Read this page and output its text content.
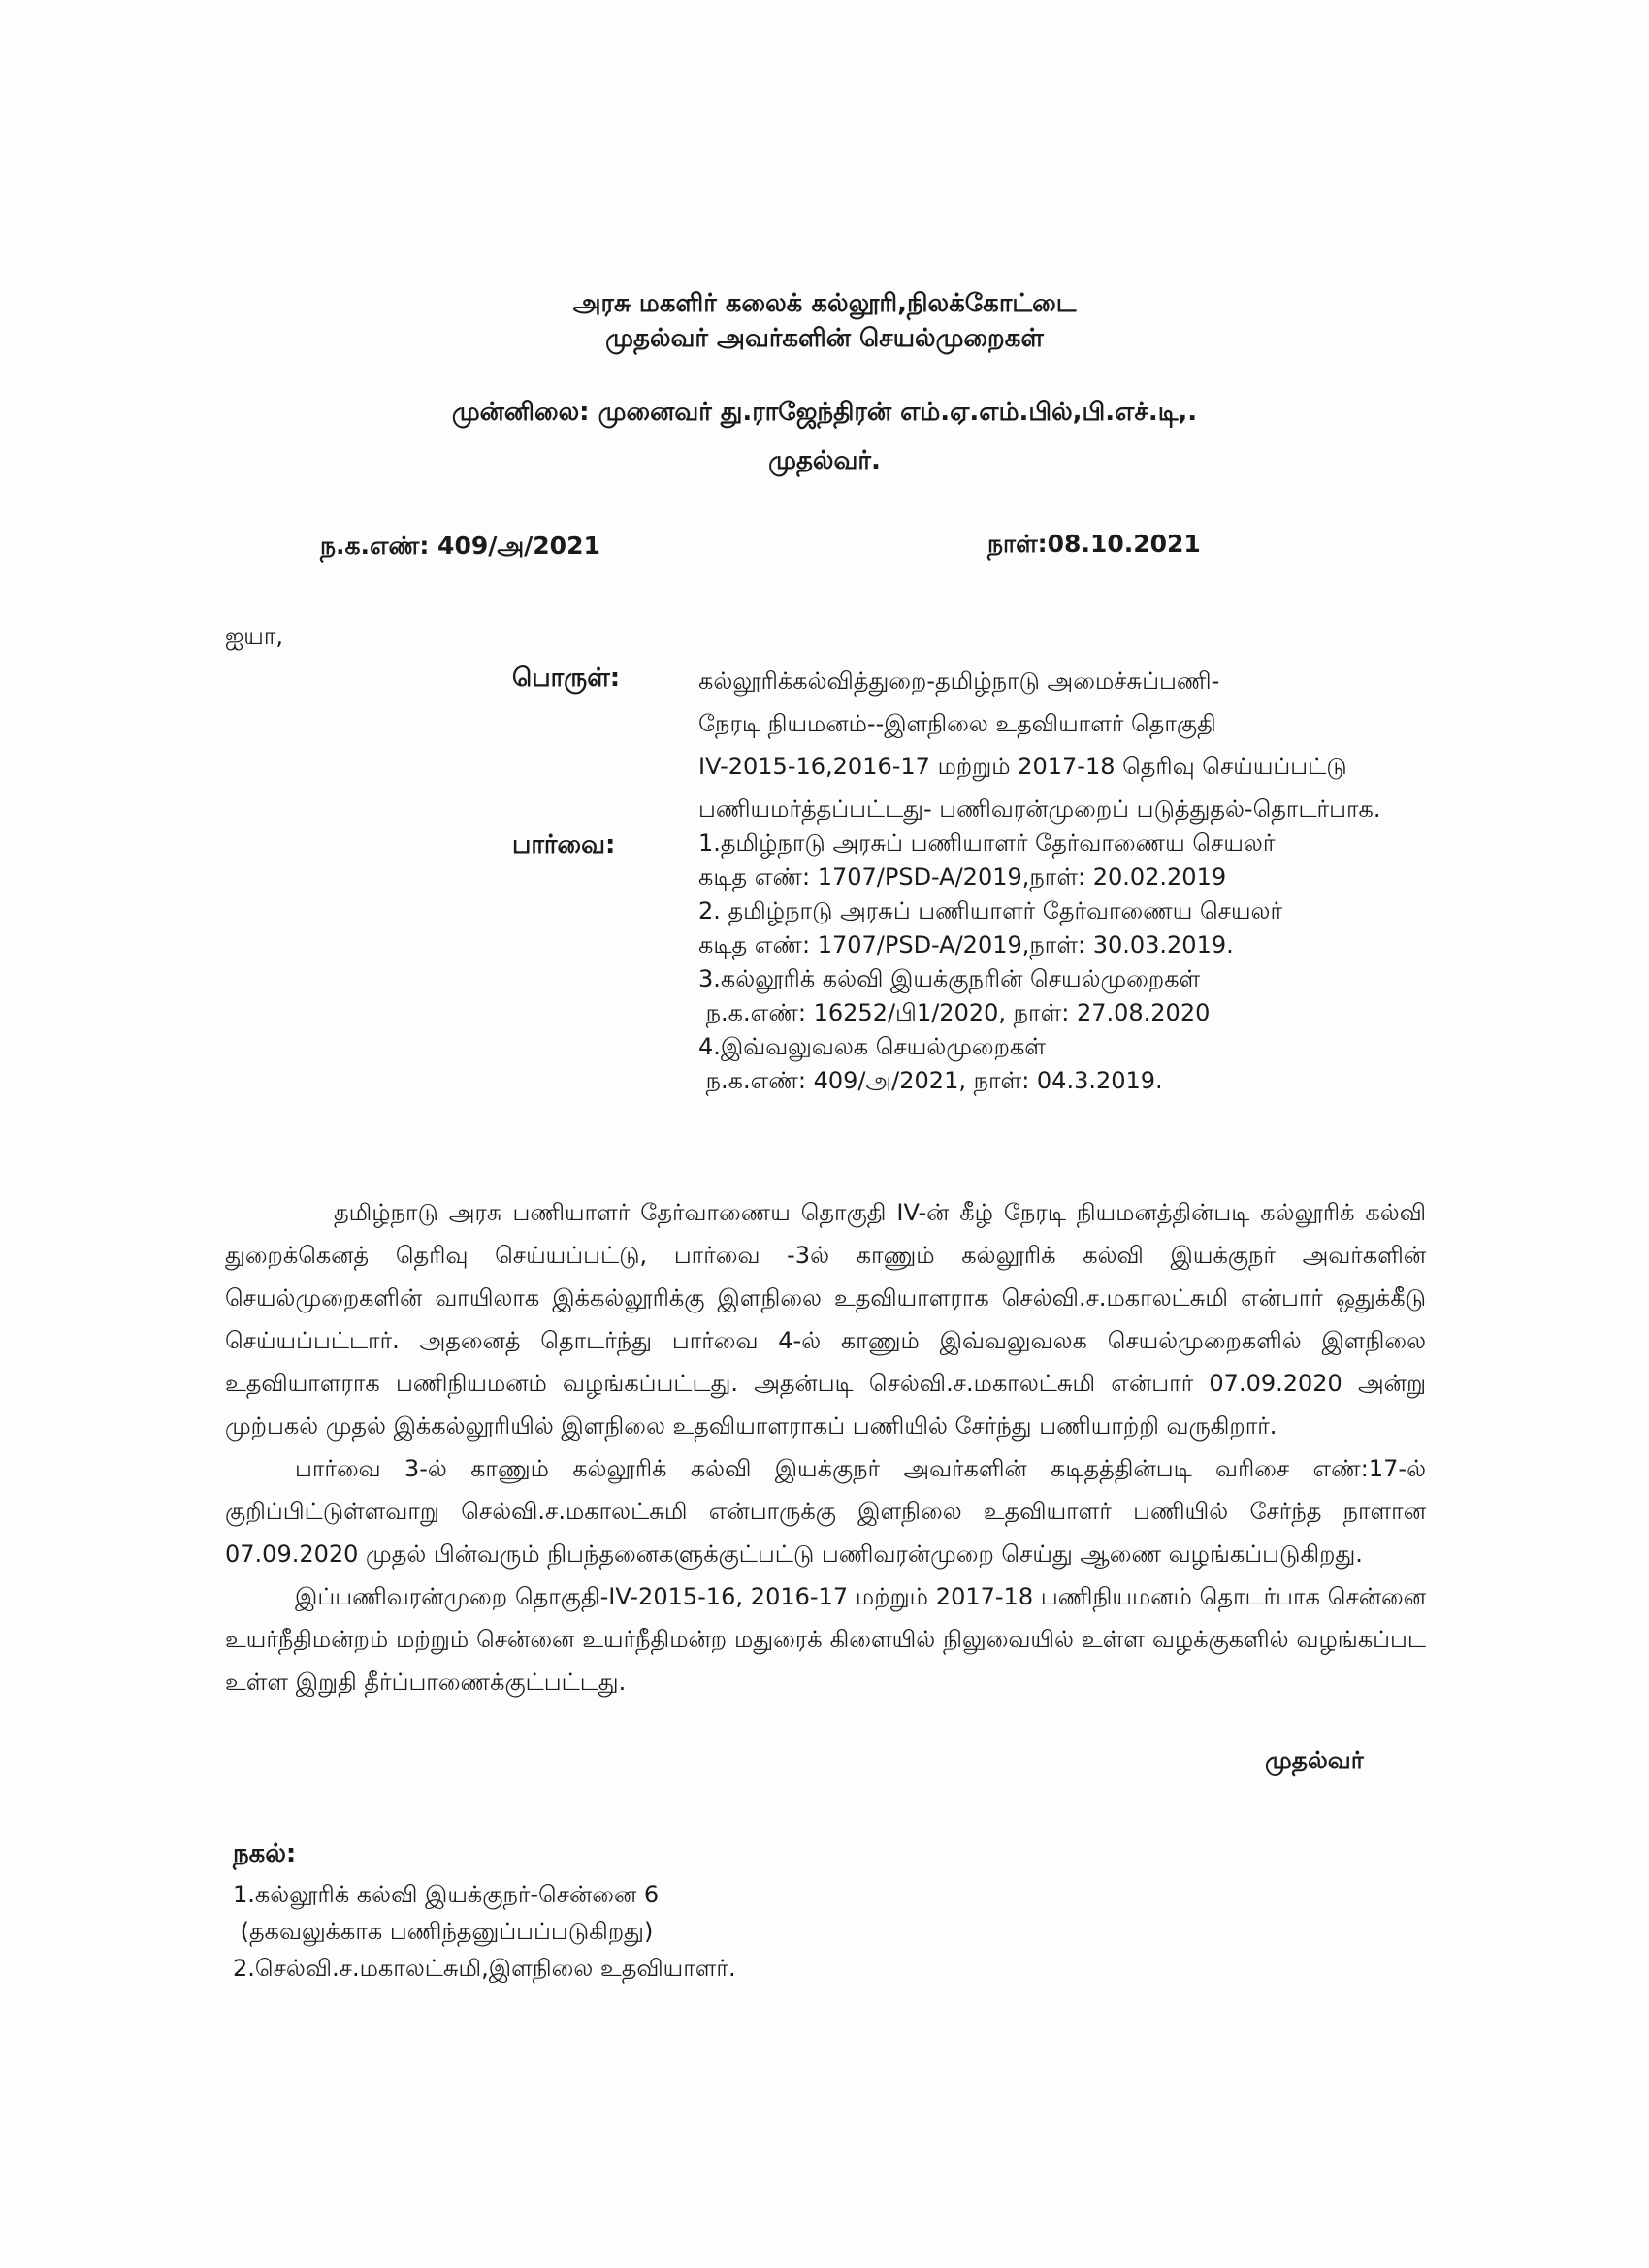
அரசு மகளிர் கலைக் கல்லூரி,நிலக்கோட்டை
முதல்வர் அவர்களின் செயல்முறைகள்
முன்னிலை: முனைவர் து.ராஜேந்திரன் எம்.ஏ.எம்.பில்,பி.எச்.டி,.
முதல்வர்.
ந.க.எண்: 409/அ/2021	நாள்:08.10.2021
ஐயா,
பொருள்:	கல்லூரிக்கல்வித்துறை-தமிழ்நாடு அமைச்சுப்பணி-
நேரடி நியமனம்--இளநிலை உதவியாளர் தொகுதி
IV-2015-16,2016-17 மற்றும் 2017-18 தெரிவு செய்யப்பட்டு
பணியமர்த்தப்பட்டது- பணிவரன்முறைப் படுத்துதல்-தொடர்பாக.
பார்வை:	1.தமிழ்நாடு அரசுப் பணியாளர் தேர்வாணைய செயலர்
கடித எண்: 1707/PSD-A/2019,நாள்: 20.02.2019
2. தமிழ்நாடு அரசுப் பணியாளர் தேர்வாணைய செயலர்
கடித எண்: 1707/PSD-A/2019,நாள்: 30.03.2019.
3.கல்லூரிக் கல்வி இயக்குநரின் செயல்முறைகள்
ந.க.எண்: 16252/பி1/2020, நாள்: 27.08.2020
4.இவ்வலுவலக செயல்முறைகள்
ந.க.எண்: 409/அ/2021, நாள்: 04.3.2019.

தமிழ்நாடு அரசு பணியாளர் தேர்வாணைய தொகுதி IV-ன் கீழ் நேரடி நியமனத்தின்படி கல்லூரிக் கல்வி துறைக்கெனத் தெரிவு செய்யப்பட்டு, பார்வை -3ல் காணும் கல்லூரிக் கல்வி இயக்குநர் அவர்களின் செயல்முறைகளின் வாயிலாக இக்கல்லூரிக்கு இளநிலை உதவியாளராக செல்வி.ச.மகாலட்சுமி என்பார் ஒதுக்கீடு செய்யப்பட்டார். அதனைத் தொடர்ந்து பார்வை 4-ல் காணும் இவ்வலுவலக செயல்முறைகளில் இளநிலை உதவியாளராக பணிநியமனம் வழங்கப்பட்டது. அதன்படி செல்வி.ச.மகாலட்சுமி என்பார் 07.09.2020 அன்று முற்பகல் முதல் இக்கல்லூரியில் இளநிலை உதவியாளராகப் பணியில் சேர்ந்து பணியாற்றி வருகிறார்.

பார்வை 3-ல் காணும் கல்லூரிக் கல்வி இயக்குநர் அவர்களின் கடிதத்தின்படி வரிசை எண்:17-ல் குறிப்பிட்டுள்ளவாறு செல்வி.ச.மகாலட்சுமி என்பாருக்கு இளநிலை உதவியாளர் பணியில் சேர்ந்த நாளான 07.09.2020 முதல் பின்வரும் நிபந்தனைகளுக்குட்பட்டு பணிவரன்முறை செய்து ஆணை வழங்கப்படுகிறது.

இப்பணிவரன்முறை தொகுதி-IV-2015-16, 2016-17 மற்றும் 2017-18 பணிநியமனம் தொடர்பாக சென்னை உயர்நீதிமன்றம் மற்றும் சென்னை உயர்நீதிமன்ற மதுரைக் கிளையில் நிலுவையில் உள்ள வழக்குகளில் வழங்கப்பட உள்ள இறுதி தீர்ப்பாணைக்குட்பட்டது.

முதல்வர்
நகல்:
1.கல்லூரிக் கல்வி இயக்குநர்-சென்னை 6
(தகவலுக்காக பணிந்தனுப்பப்படுகிறது)
2.செல்வி.ச.மகாலட்சுமி,இளநிலை உதவியாளர்.
